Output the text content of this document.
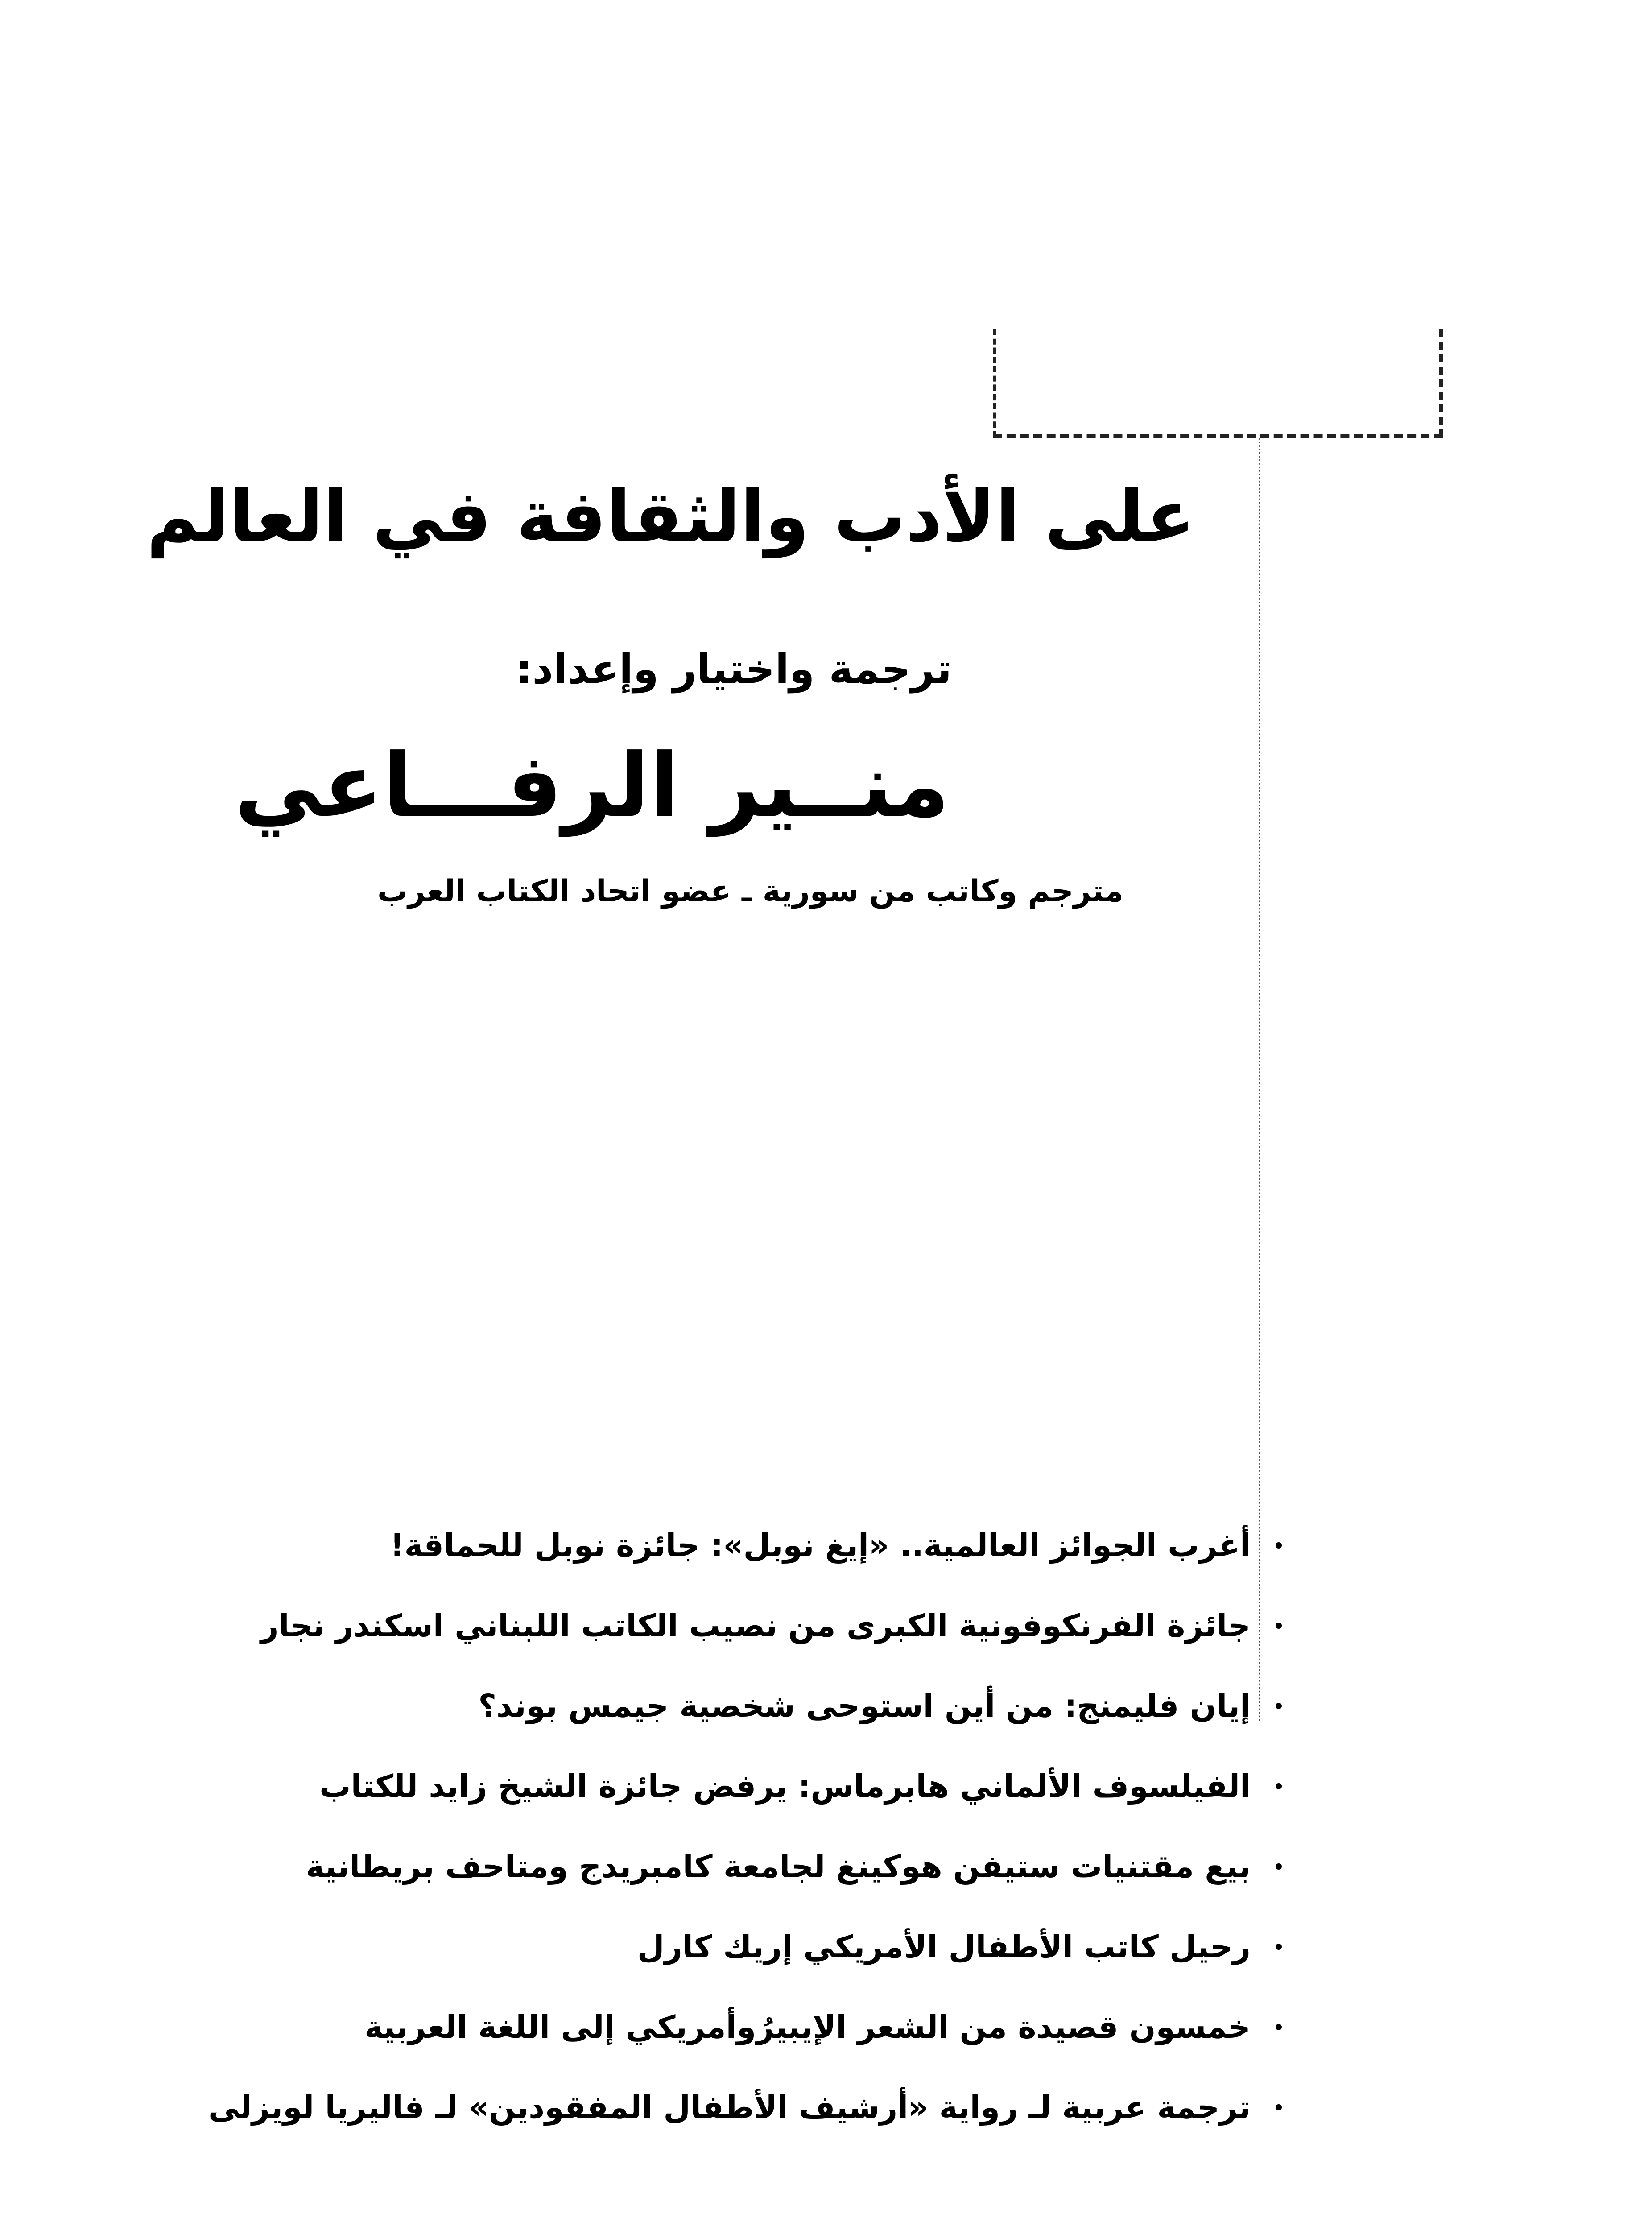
على الأدب والثقافة في العالم
ترجمة واختيار وإعداد:
منــير الرفـــاعي
مترجم وكاتب من سورية ـ عضو اتحاد الكتاب العرب
أغرب الجوائز العالمية.. «إيغ نوبل»: جائزة نوبل للحماقة!
جائزة الفرنكوفونية الكبرى من نصيب الكاتب اللبناني اسكندر نجار
إيان فليمنج: من أين استوحى شخصية جيمس بوند؟
الفيلسوف الألماني هابرماس: يرفض جائزة الشيخ زايد للكتاب
بيع مقتنيات ستيفن هوكينغ لجامعة كامبريدج ومتاحف بريطانية
رحيل كاتب الأطفال الأمريكي إريك كارل
خمسون قصيدة من الشعر الإيبيرُوأمريكي إلى اللغة العربية
ترجمة عربية لـ رواية «أرشيف الأطفال المفقودين» لـ فاليريا لويزلى
